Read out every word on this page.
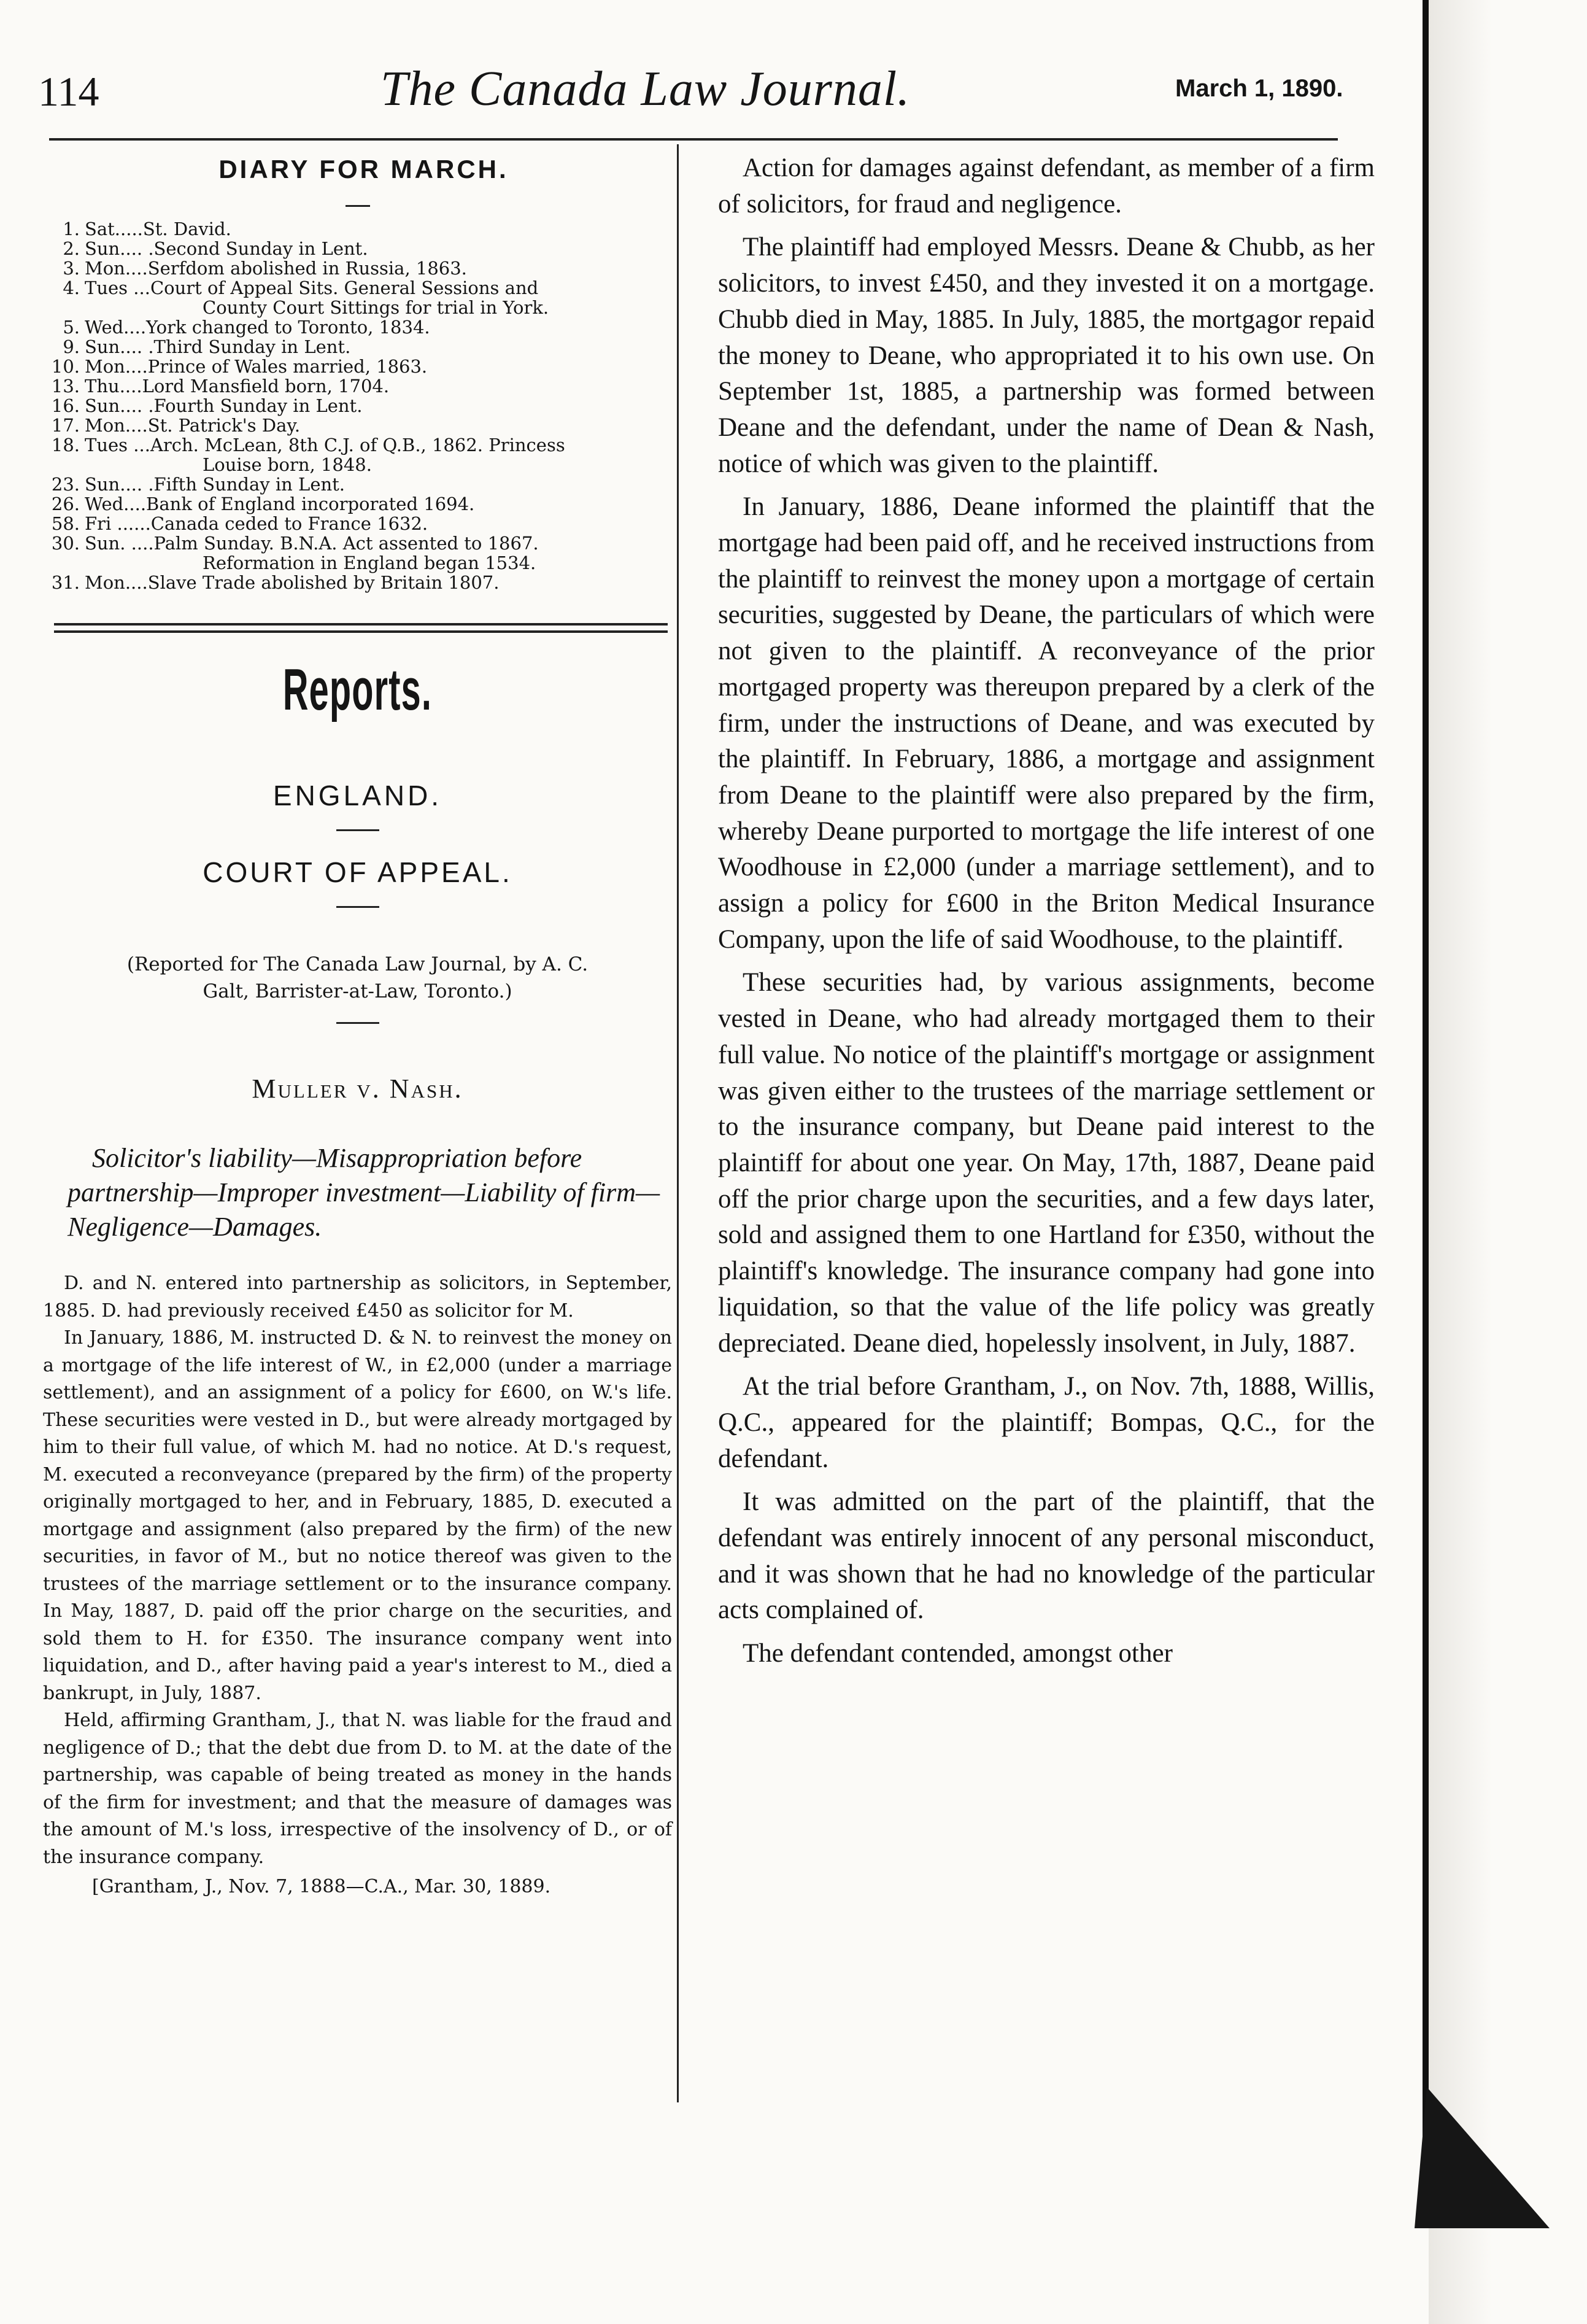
114	The Canada Law Journal.	March 1, 1890.
DIARY FOR MARCH.
1. Sat.....St. David.
2. Sun.... .Second Sunday in Lent.
3. Mon....Serfdom abolished in Russia, 1863.
4. Tues ...Court of Appeal Sits. General Sessions and
County Court Sittings for trial in York.
5. Wed....York changed to Toronto, 1834.
9. Sun.... .Third Sunday in Lent.
10. Mon....Prince of Wales married, 1863.
13. Thu....Lord Mansfield born, 1704.
16. Sun.... .Fourth Sunday in Lent.
17. Mon....St. Patrick's Day.
18. Tues ...Arch. McLean, 8th C.J. of Q.B., 1862. Princess
Louise born, 1848.
23. Sun.... .Fifth Sunday in Lent.
26. Wed....Bank of England incorporated 1694.
58. Fri ......Canada ceded to France 1632.
30. Sun. ....Palm Sunday. B.N.A. Act assented to 1867.
Reformation in England began 1534.
31. Mon....Slave Trade abolished by Britain 1807.
Reports.
ENGLAND.
COURT OF APPEAL.
(Reported for The Canada Law Journal, by A. C.
Galt, Barrister-at-Law, Toronto.)
Muller v. Nash.
Solicitor's liability—Misappropriation before partnership—Improper investment—Liability of firm—Negligence—Damages.

D. and N. entered into partnership as solicitors, in September, 1885. D. had previously received £450 as solicitor for M.

In January, 1886, M. instructed D. & N. to reinvest the money on a mortgage of the life interest of W., in £2,000 (under a marriage settlement), and an assignment of a policy for £600, on W.'s life. These securities were vested in D., but were already mortgaged by him to their full value, of which M. had no notice. At D.'s request, M. executed a reconveyance (prepared by the firm) of the property originally mortgaged to her, and in February, 1885, D. executed a mortgage and assignment (also prepared by the firm) of the new securities, in favor of M., but no notice thereof was given to the trustees of the marriage settlement or to the insurance company. In May, 1887, D. paid off the prior charge on the securities, and sold them to H. for £350. The insurance company went into liquidation, and D., after having paid a year's interest to M., died a bankrupt, in July, 1887.

Held, affirming Grantham, J., that N. was liable for the fraud and negligence of D.; that the debt due from D. to M. at the date of the partnership, was capable of being treated as money in the hands of the firm for investment; and that the measure of damages was the amount of M.'s loss, irrespective of the insolvency of D., or of the insurance company.

[Grantham, J., Nov. 7, 1888—C.A., Mar. 30, 1889.

Action for damages against defendant, as member of a firm of solicitors, for fraud and negligence.

The plaintiff had employed Messrs. Deane & Chubb, as her solicitors, to invest £450, and they invested it on a mortgage. Chubb died in May, 1885. In July, 1885, the mortgagor repaid the money to Deane, who appropriated it to his own use. On September 1st, 1885, a partnership was formed between Deane and the defendant, under the name of Dean & Nash, notice of which was given to the plaintiff.

In January, 1886, Deane informed the plaintiff that the mortgage had been paid off, and he received instructions from the plaintiff to reinvest the money upon a mortgage of certain securities, suggested by Deane, the particulars of which were not given to the plaintiff. A reconveyance of the prior mortgaged property was thereupon prepared by a clerk of the firm, under the instructions of Deane, and was executed by the plaintiff. In February, 1886, a mortgage and assignment from Deane to the plaintiff were also prepared by the firm, whereby Deane purported to mortgage the life interest of one Woodhouse in £2,000 (under a marriage settlement), and to assign a policy for £600 in the Briton Medical Insurance Company, upon the life of said Woodhouse, to the plaintiff.

These securities had, by various assignments, become vested in Deane, who had already mortgaged them to their full value. No notice of the plaintiff's mortgage or assignment was given either to the trustees of the marriage settlement or to the insurance company, but Deane paid interest to the plaintiff for about one year. On May, 17th, 1887, Deane paid off the prior charge upon the securities, and a few days later, sold and assigned them to one Hartland for £350, without the plaintiff's knowledge. The insurance company had gone into liquidation, so that the value of the life policy was greatly depreciated. Deane died, hopelessly insolvent, in July, 1887.

At the trial before Grantham, J., on Nov. 7th, 1888, Willis, Q.C., appeared for the plaintiff; Bompas, Q.C., for the defendant.

It was admitted on the part of the plaintiff, that the defendant was entirely innocent of any personal misconduct, and it was shown that he had no knowledge of the particular acts complained of.

The defendant contended, amongst other
